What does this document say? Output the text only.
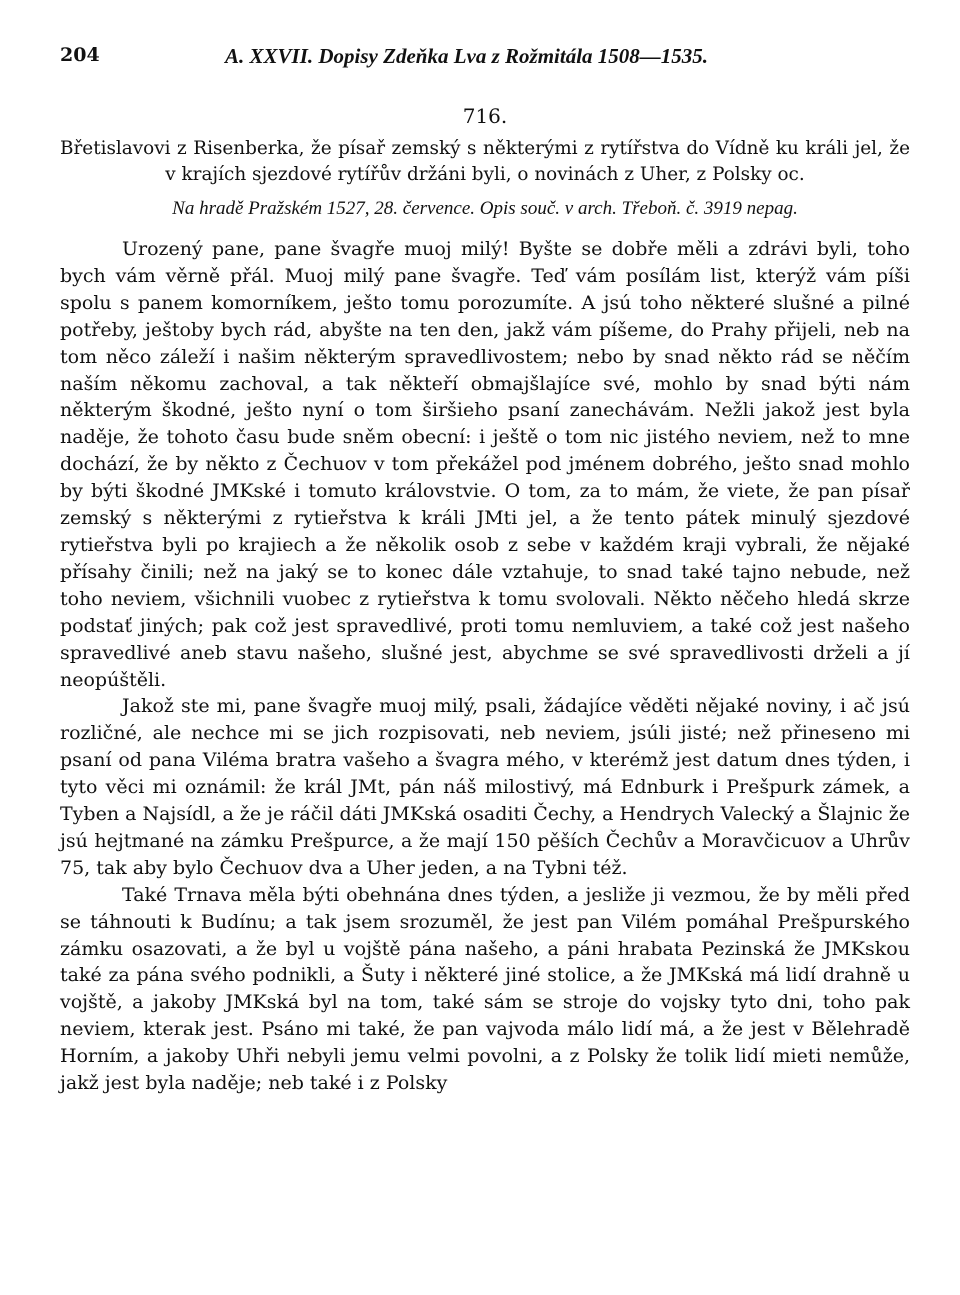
204	A. XXVII. Dopisy Zdeňka Lva z Rožmitála 1508—1535.
716.

Břetislavovi z Risenberka, že písař zemský s některými z rytířstva do Vídně ku králi jel, že v krajích sjezdové rytířův držáni byli, o novinách z Uher, z Polsky oc.

Na hradě Pražském 1527, 28. července. Opis souč. v arch. Třeboň. č. 3919 nepag.

Urozený pane, pane švagře muoj milý! Byšte se dobře měli a zdrávi byli, toho bych vám věrně přál. Muoj milý pane švagře. Teď vám posílám list, kterýž vám píši spolu s panem komorníkem, ješto tomu porozumíte. A jsú toho některé slušné a pilné potřeby, ještoby bych rád, abyšte na ten den, jakž vám píšeme, do Prahy přijeli, neb na tom něco záleží i našim některým spravedlivostem; nebo by snad někto rád se něčím naším někomu zachoval, a tak někteří obmajšlajíce své, mohlo by snad býti nám některým škodné, ješto nyní o tom širšieho psaní zanechávám. Nežli jakož jest byla naděje, že tohoto času bude sněm obecní: i ještě o tom nic jistého neviem, než to mne dochází, že by někto z Čechuov v tom překážel pod jménem dobrého, ješto snad mohlo by býti škodné JMKské i tomuto královstvie. O tom, za to mám, že viete, že pan písař zemský s některými z rytieřstva k králi JMti jel, a že tento pátek minulý sjezdové rytieřstva byli po krajiech a že několik osob z sebe v každém kraji vybrali, že nějaké přísahy činili; než na jaký se to konec dále vztahuje, to snad také tajno nebude, než toho neviem, všichnili vuobec z rytieřstva k tomu svolovali. Někto něčeho hledá skrze podstať jiných; pak což jest spravedlivé, proti tomu nemluviem, a také což jest našeho spravedlivé aneb stavu našeho, slušné jest, abychme se své spravedlivosti drželi a jí neopúštěli.

Jakož ste mi, pane švagře muoj milý, psali, žádajíce věděti nějaké noviny, i ač jsú rozličné, ale nechce mi se jich rozpisovati, neb neviem, jsúli jisté; než přineseno mi psaní od pana Viléma bratra vašeho a švagra mého, v kterémž jest datum dnes týden, i tyto věci mi oznámil: že král JMt, pán náš milostivý, má Ednburk i Prešpurk zámek, a Tyben a Najsídl, a že je ráčil dáti JMKská osaditi Čechy, a Hendrych Valecký a Šlajnic že jsú hejtmané na zámku Prešpurce, a že mají 150 pěších Čechův a Moravčicuov a Uhrův 75, tak aby bylo Čechuov dva a Uher jeden, a na Tybni též.

Také Trnava měla býti obehnána dnes týden, a jesliže ji vezmou, že by měli před se táhnouti k Budínu; a tak jsem srozuměl, že jest pan Vilém pomáhal Prešpurského zámku osazovati, a že byl u vojště pána našeho, a páni hrabata Pezinská že JMKskou také za pána svého podnikli, a Šuty i některé jiné stolice, a že JMKská má lidí drahně u vojště, a jakoby JMKská byl na tom, také sám se stroje do vojsky tyto dni, toho pak neviem, kterak jest. Psáno mi také, že pan vajvoda málo lidí má, a že jest v Bělehradě Horním, a jakoby Uhři nebyli jemu velmi povolni, a z Polsky že tolik lidí mieti nemůže, jakž jest byla naděje; neb také i z Polsky
